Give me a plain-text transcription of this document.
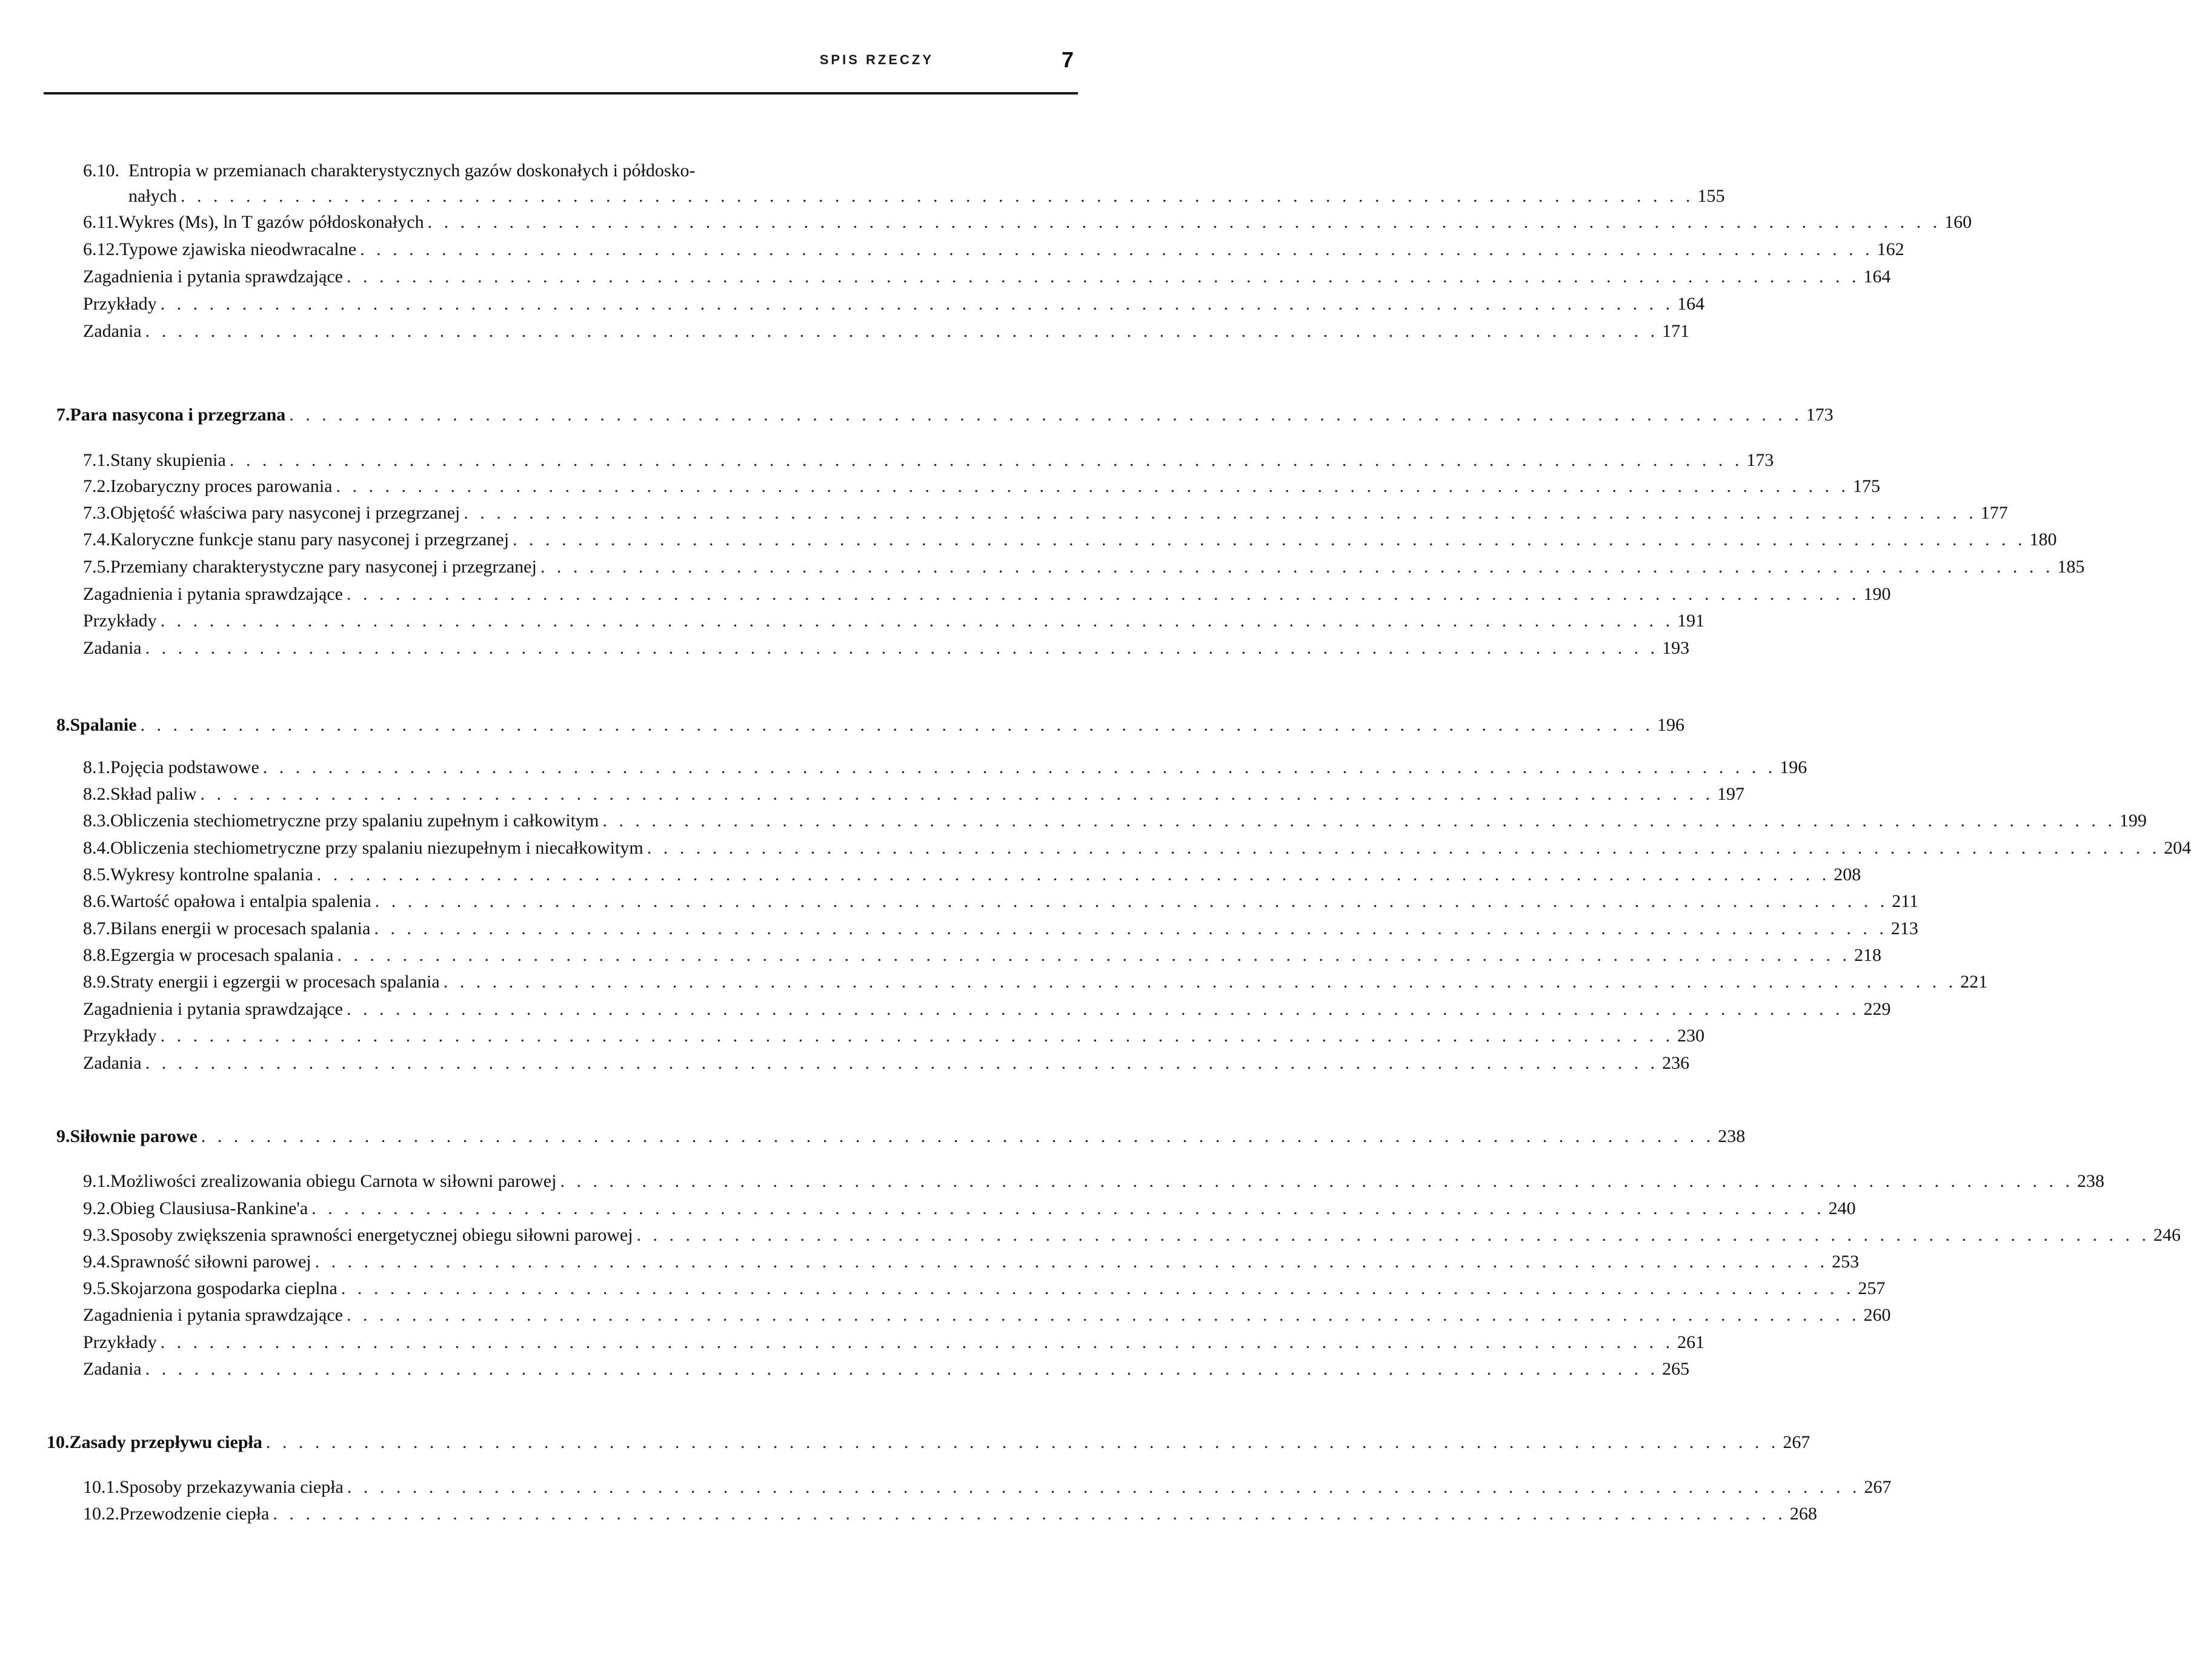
SPIS RZECZY	7
6.10. Entropia w przemianach charakterystycznych gazów doskonałych i półdosko-
nałych . . . . . . . . . . . . . . . . . . . . . . . . . . . . . . . . . . . . . . . . . . . . . . . . . . . . . . . . . . . . . . . . . . . . . . . . . . . . . . . . . . . . . . . . . . . . . 155
6.11. Wykres (Ms), ln T gazów półdoskonałych . . . . . . . . . . . . . . . . . . . . . . . . . . . . . . . . . . . . . . . . . . . . . . . . . . . . . . . . . . . . . . . . . . . . . . . . . . . . . . . . . . . . . . . . . . . . . 160
6.12. Typowe zjawiska nieodwracalne . . . . . . . . . . . . . . . . . . . . . . . . . . . . . . . . . . . . . . . . . . . . . . . . . . . . . . . . . . . . . . . . . . . . . . . . . . . . . . . . . . . . . . . . . . . . . 162
Zagadnienia i pytania sprawdzające . . . . . . . . . . . . . . . . . . . . . . . . . . . . . . . . . . . . . . . . . . . . . . . . . . . . . . . . . . . . . . . . . . . . . . . . . . . . . . . . . . . . . . . . . . . . . 164
Przykłady . . . . . . . . . . . . . . . . . . . . . . . . . . . . . . . . . . . . . . . . . . . . . . . . . . . . . . . . . . . . . . . . . . . . . . . . . . . . . . . . . . . . . . . . . . . . . 164
Zadania . . . . . . . . . . . . . . . . . . . . . . . . . . . . . . . . . . . . . . . . . . . . . . . . . . . . . . . . . . . . . . . . . . . . . . . . . . . . . . . . . . . . . . . . . . . . . 171
7. Para nasycona i przegrzana . . . . . . . . . . . . . . . . . . . . . . . . . . . . . . . . . . . . . . . . . . . . . . . . . . . . . . . . . . . . . . . . . . . . . . . . . . . . . . . . . . . . . . . . . . . . . 173
7.1. Stany skupienia . . . . . . . . . . . . . . . . . . . . . . . . . . . . . . . . . . . . . . . . . . . . . . . . . . . . . . . . . . . . . . . . . . . . . . . . . . . . . . . . . . . . . . . . . . . . . 173
7.2. Izobaryczny proces parowania . . . . . . . . . . . . . . . . . . . . . . . . . . . . . . . . . . . . . . . . . . . . . . . . . . . . . . . . . . . . . . . . . . . . . . . . . . . . . . . . . . . . . . . . . . . . . 175
7.3. Objętość właściwa pary nasyconej i przegrzanej . . . . . . . . . . . . . . . . . . . . . . . . . . . . . . . . . . . . . . . . . . . . . . . . . . . . . . . . . . . . . . . . . . . . . . . . . . . . . . . . . . . . . . . . . . . . . 177
7.4. Kaloryczne funkcje stanu pary nasyconej i przegrzanej . . . . . . . . . . . . . . . . . . . . . . . . . . . . . . . . . . . . . . . . . . . . . . . . . . . . . . . . . . . . . . . . . . . . . . . . . . . . . . . . . . . . . . . . . . . . . 180
7.5. Przemiany charakterystyczne pary nasyconej i przegrzanej . . . . . . . . . . . . . . . . . . . . . . . . . . . . . . . . . . . . . . . . . . . . . . . . . . . . . . . . . . . . . . . . . . . . . . . . . . . . . . . . . . . . . . . . . . . . . 185
Zagadnienia i pytania sprawdzające . . . . . . . . . . . . . . . . . . . . . . . . . . . . . . . . . . . . . . . . . . . . . . . . . . . . . . . . . . . . . . . . . . . . . . . . . . . . . . . . . . . . . . . . . . . . . 190
Przykłady . . . . . . . . . . . . . . . . . . . . . . . . . . . . . . . . . . . . . . . . . . . . . . . . . . . . . . . . . . . . . . . . . . . . . . . . . . . . . . . . . . . . . . . . . . . . . 191
Zadania . . . . . . . . . . . . . . . . . . . . . . . . . . . . . . . . . . . . . . . . . . . . . . . . . . . . . . . . . . . . . . . . . . . . . . . . . . . . . . . . . . . . . . . . . . . . . 193
8. Spalanie . . . . . . . . . . . . . . . . . . . . . . . . . . . . . . . . . . . . . . . . . . . . . . . . . . . . . . . . . . . . . . . . . . . . . . . . . . . . . . . . . . . . . . . . . . . . . 196
8.1. Pojęcia podstawowe . . . . . . . . . . . . . . . . . . . . . . . . . . . . . . . . . . . . . . . . . . . . . . . . . . . . . . . . . . . . . . . . . . . . . . . . . . . . . . . . . . . . . . . . . . . . . 196
8.2. Skład paliw . . . . . . . . . . . . . . . . . . . . . . . . . . . . . . . . . . . . . . . . . . . . . . . . . . . . . . . . . . . . . . . . . . . . . . . . . . . . . . . . . . . . . . . . . . . . . 197
8.3. Obliczenia stechiometryczne przy spalaniu zupełnym i całkowitym . . . . . . . . . . . . . . . . . . . . . . . . . . . . . . . . . . . . . . . . . . . . . . . . . . . . . . . . . . . . . . . . . . . . . . . . . . . . . . . . . . . . . . . . . . . . . 199
8.4. Obliczenia stechiometryczne przy spalaniu niezupełnym i niecałkowitym . . . . . . . . . . . . . . . . . . . . . . . . . . . . . . . . . . . . . . . . . . . . . . . . . . . . . . . . . . . . . . . . . . . . . . . . . . . . . . . . . . . . . . . . . . . . . 204
8.5. Wykresy kontrolne spalania . . . . . . . . . . . . . . . . . . . . . . . . . . . . . . . . . . . . . . . . . . . . . . . . . . . . . . . . . . . . . . . . . . . . . . . . . . . . . . . . . . . . . . . . . . . . . 208
8.6. Wartość opałowa i entalpia spalenia . . . . . . . . . . . . . . . . . . . . . . . . . . . . . . . . . . . . . . . . . . . . . . . . . . . . . . . . . . . . . . . . . . . . . . . . . . . . . . . . . . . . . . . . . . . . . 211
8.7. Bilans energii w procesach spalania . . . . . . . . . . . . . . . . . . . . . . . . . . . . . . . . . . . . . . . . . . . . . . . . . . . . . . . . . . . . . . . . . . . . . . . . . . . . . . . . . . . . . . . . . . . . . 213
8.8. Egzergia w procesach spalania . . . . . . . . . . . . . . . . . . . . . . . . . . . . . . . . . . . . . . . . . . . . . . . . . . . . . . . . . . . . . . . . . . . . . . . . . . . . . . . . . . . . . . . . . . . . . 218
8.9. Straty energii i egzergii w procesach spalania . . . . . . . . . . . . . . . . . . . . . . . . . . . . . . . . . . . . . . . . . . . . . . . . . . . . . . . . . . . . . . . . . . . . . . . . . . . . . . . . . . . . . . . . . . . . . 221
Zagadnienia i pytania sprawdzające . . . . . . . . . . . . . . . . . . . . . . . . . . . . . . . . . . . . . . . . . . . . . . . . . . . . . . . . . . . . . . . . . . . . . . . . . . . . . . . . . . . . . . . . . . . . . 229
Przykłady . . . . . . . . . . . . . . . . . . . . . . . . . . . . . . . . . . . . . . . . . . . . . . . . . . . . . . . . . . . . . . . . . . . . . . . . . . . . . . . . . . . . . . . . . . . . . 230
Zadania . . . . . . . . . . . . . . . . . . . . . . . . . . . . . . . . . . . . . . . . . . . . . . . . . . . . . . . . . . . . . . . . . . . . . . . . . . . . . . . . . . . . . . . . . . . . . 236
9. Siłownie parowe . . . . . . . . . . . . . . . . . . . . . . . . . . . . . . . . . . . . . . . . . . . . . . . . . . . . . . . . . . . . . . . . . . . . . . . . . . . . . . . . . . . . . . . . . . . . . 238
9.1. Możliwości zrealizowania obiegu Carnota w siłowni parowej . . . . . . . . . . . . . . . . . . . . . . . . . . . . . . . . . . . . . . . . . . . . . . . . . . . . . . . . . . . . . . . . . . . . . . . . . . . . . . . . . . . . . . . . . . . . . 238
9.2. Obieg Clausiusa-Rankine'a . . . . . . . . . . . . . . . . . . . . . . . . . . . . . . . . . . . . . . . . . . . . . . . . . . . . . . . . . . . . . . . . . . . . . . . . . . . . . . . . . . . . . . . . . . . . . 240
9.3. Sposoby zwiększenia sprawności energetycznej obiegu siłowni parowej . . . . . . . . . . . . . . . . . . . . . . . . . . . . . . . . . . . . . . . . . . . . . . . . . . . . . . . . . . . . . . . . . . . . . . . . . . . . . . . . . . . . . . . . . . . . . 246
9.4. Sprawność siłowni parowej . . . . . . . . . . . . . . . . . . . . . . . . . . . . . . . . . . . . . . . . . . . . . . . . . . . . . . . . . . . . . . . . . . . . . . . . . . . . . . . . . . . . . . . . . . . . . 253
9.5. Skojarzona gospodarka cieplna . . . . . . . . . . . . . . . . . . . . . . . . . . . . . . . . . . . . . . . . . . . . . . . . . . . . . . . . . . . . . . . . . . . . . . . . . . . . . . . . . . . . . . . . . . . . . 257
Zagadnienia i pytania sprawdzające . . . . . . . . . . . . . . . . . . . . . . . . . . . . . . . . . . . . . . . . . . . . . . . . . . . . . . . . . . . . . . . . . . . . . . . . . . . . . . . . . . . . . . . . . . . . . 260
Przykłady . . . . . . . . . . . . . . . . . . . . . . . . . . . . . . . . . . . . . . . . . . . . . . . . . . . . . . . . . . . . . . . . . . . . . . . . . . . . . . . . . . . . . . . . . . . . . 261
Zadania . . . . . . . . . . . . . . . . . . . . . . . . . . . . . . . . . . . . . . . . . . . . . . . . . . . . . . . . . . . . . . . . . . . . . . . . . . . . . . . . . . . . . . . . . . . . . 265
10. Zasady przepływu ciepła . . . . . . . . . . . . . . . . . . . . . . . . . . . . . . . . . . . . . . . . . . . . . . . . . . . . . . . . . . . . . . . . . . . . . . . . . . . . . . . . . . . . . . . . . . . . . 267
10.1. Sposoby przekazywania ciepła . . . . . . . . . . . . . . . . . . . . . . . . . . . . . . . . . . . . . . . . . . . . . . . . . . . . . . . . . . . . . . . . . . . . . . . . . . . . . . . . . . . . . . . . . . . . . 267
10.2. Przewodzenie ciepła . . . . . . . . . . . . . . . . . . . . . . . . . . . . . . . . . . . . . . . . . . . . . . . . . . . . . . . . . . . . . . . . . . . . . . . . . . . . . . . . . . . . . . . . . . . . . 268
